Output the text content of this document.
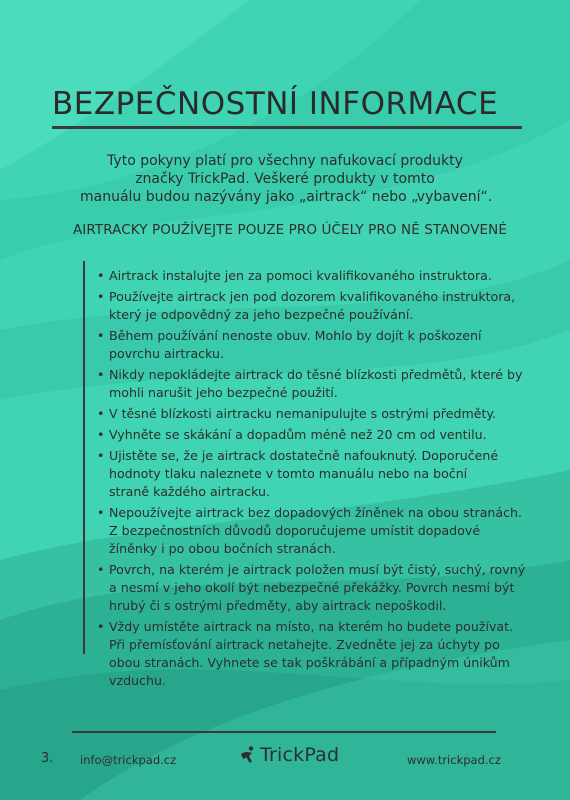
BEZPEČNOSTNÍ INFORMACE
Tyto pokyny platí pro všechny nafukovací produkty
značky TrickPad. Veškeré produkty v tomto
manuálu budou nazývány jako „airtrack“ nebo „vybavení“.
AIRTRACKY POUŽÍVEJTE POUZE PRO ÚČELY PRO NĚ STANOVENÉ
• Airtrack instalujte jen za pomoci kvalifikovaného instruktora.
• Používejte airtrack jen pod dozorem kvalifikovaného instruktora,
který je odpovědný za jeho bezpečné používání.
• Během používání nenoste obuv. Mohlo by dojít k poškození
povrchu airtracku.
• Nikdy nepokládejte airtrack do těsné blízkosti předmětů, které by
mohli narušit jeho bezpečné použití.
• V těsné blízkosti airtracku nemanipulujte s ostrými předměty.
• Vyhněte se skákání a dopadům méně než 20 cm od ventilu.
• Ujistěte se, že je airtrack dostatečně nafouknutý. Doporučené
hodnoty tlaku naleznete v tomto manuálu nebo na boční
straně každého airtracku.
• Nepoužívejte airtrack bez dopadových žíněnek na obou stranách.
Z bezpečnostních důvodů doporučujeme umístit dopadové
žíněnky i po obou bočních stranách.
• Povrch, na kterém je airtrack položen musí být čistý, suchý, rovný
a nesmí v jeho okolí být nebezpečné překážky. Povrch nesmí být
hrubý či s ostrými předměty, aby airtrack nepoškodil.
• Vždy umístěte airtrack na místo, na kterém ho budete používat.
Při přemísťování airtrack netahejte. Zvedněte jej za úchyty po
obou stranách. Vyhnete se tak poškrábání a případným únikům
vzduchu.
3. info@trickpad.cz	TrickPad	www.trickpad.cz
